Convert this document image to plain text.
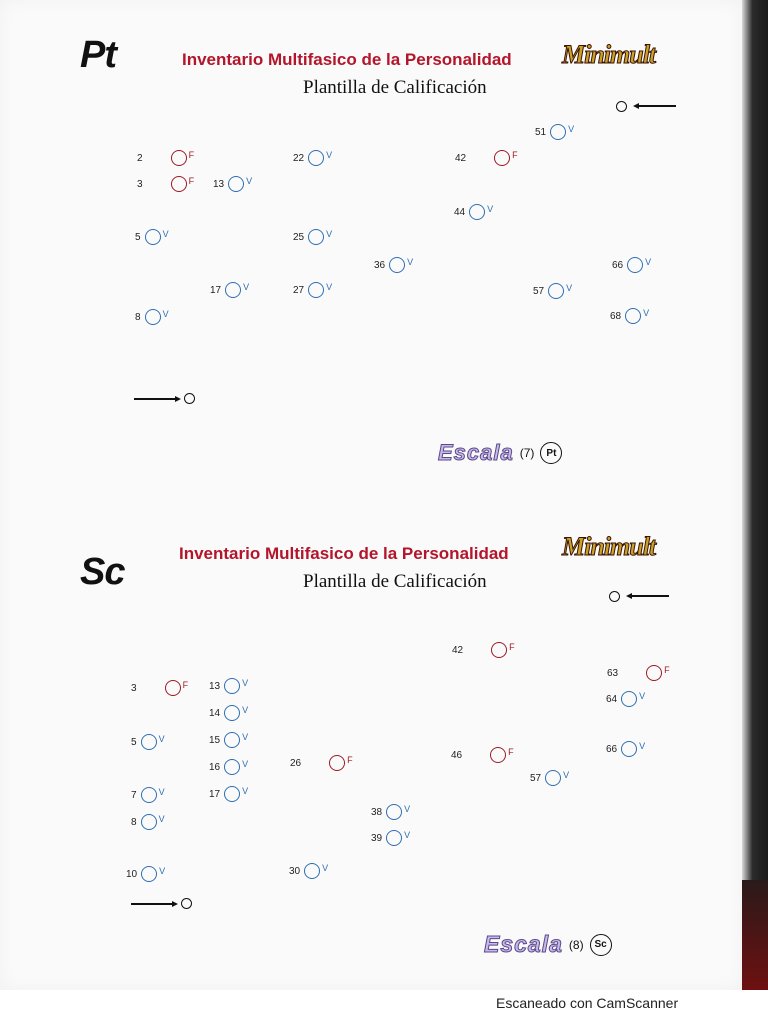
Pt	Inventario Multifasico de la Personalidad Minimult
Plantilla de Calificación
51 V
2	F	22 V	42	F
3	F 13 V
44 V
5 V	25 V
36 V	66 V
17 V	27 V	57 V
8 V	68 V
Escala (7)	Pt
Sc	Inventario Multifasico de la Personalidad Minimult
Plantilla de Calificación
42	F
63	F
3	F 13 V
64 V
14 V
5 V	15 V
66 V
26	F	46	F
16 V
57 V
7 V	17 V
38 V
8 V
39 V
10 V	30 V
Escala (8)	Sc
Escaneado con CamScanner
